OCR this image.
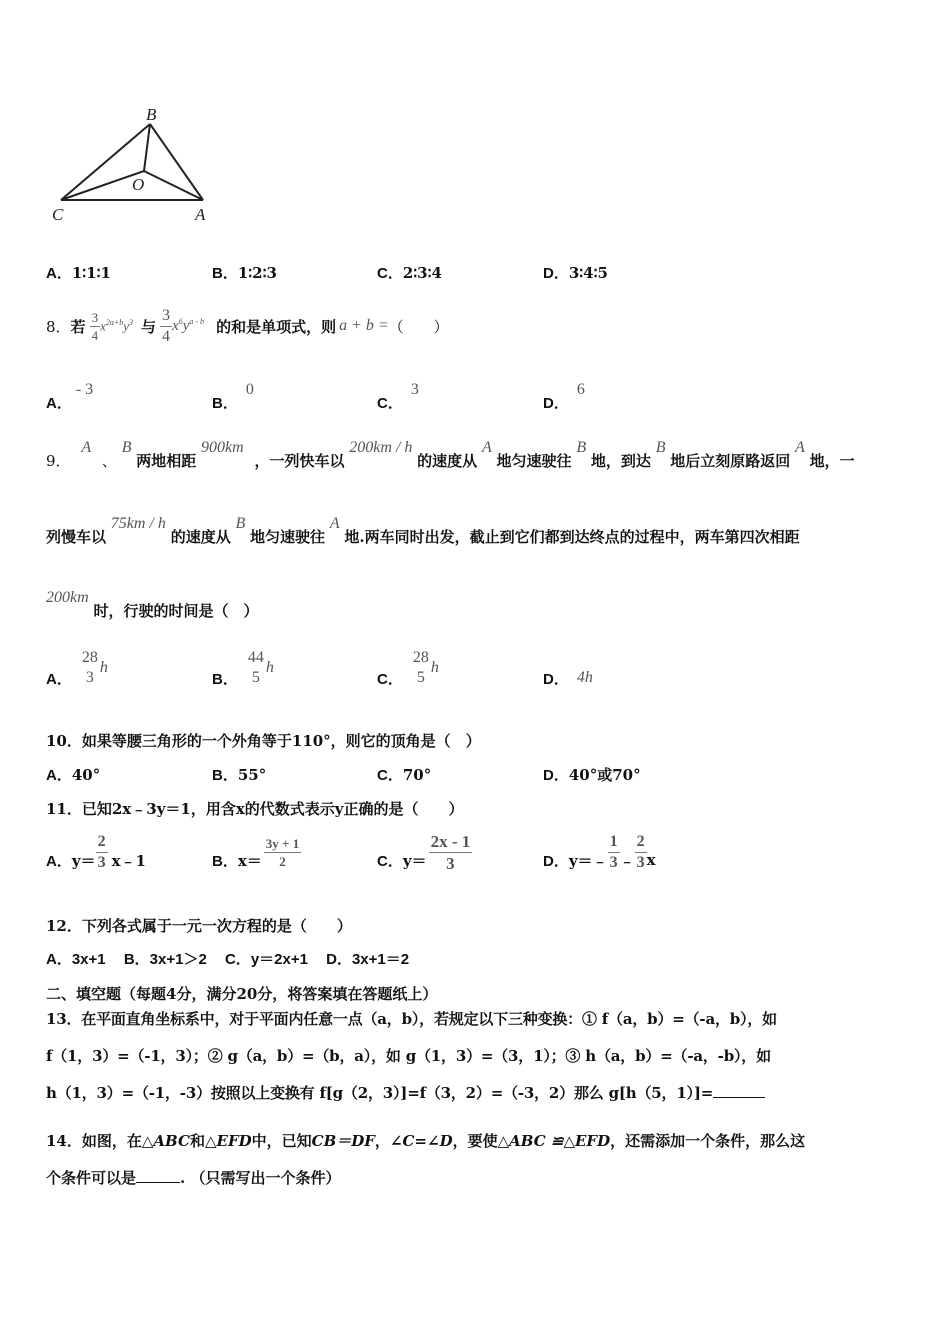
B
O
C	A
A．1∶1∶1	B．1∶2∶3	C．2∶3∶4	D．3∶4∶5
8． 若 $\frac{3}{4} x^{2a+b}y^3$ 与 $\frac{3}{4} x^6y^{a - b}$ 的和是单项式，则 a + b = （　　）
A．- 3
B．0
C．3
D．6
9． A 、 B 两地相距 900km ，一列快车以 200km / h 的速度从 A 地匀速驶往 B 地，到达 B 地后立刻原路返回 A 地，一
列慢车以 75km / h 的速度从 B 地匀速驶往 A 地.两车同时出发，截止到它们都到达终点的过程中，两车第四次相距
200km 时，行驶的时间是（　）
A．
28
3
h
B．
44
5
h
C．
28
5
h
D． 4h
10．如果等腰三角形的一个外角等于110°，则它的顶角是（　）
A．40°	B．55°	C．70°	D．40°或70°
11．已知2x﹣3y＝1，用含x的代数式表示y正确的是（　　）
A． $y= \frac{2}{3}$ x﹣1	B． $x= \frac{3y + 1}{2}$	C． $y= \frac{2x - 1}{3}$	D． y＝﹣ $\frac{1}{3}$ ﹣ $\frac{2}{3}$ x
12．下列各式属于一元一次方程的是（　　）
A．3x+1 B．3x+1＞2 C．y＝2x+1 D．3x+1＝2
二、填空题（每题4分，满分20分，将答案填在答题纸上）
13．在平面直角坐标系中，对于平面内任意一点（a，b），若规定以下三种变换：① f（a，b）=（-a，b），如
f（1，3）=（-1，3）；② g（a，b）=（b，a），如 g（1，3）=（3，1）；③ h（a，b）=（-a，-b），如
h（1，3）=（-1，-3）按照以上变换有 f[g（2，3）]=f（3，2）=（-3，2）那么 g[h（5，1）]=
14．如图，在△ABC和△EFD中，已知CB＝DF，∠C=∠D，要使△ABC ≌△EFD，还需添加一个条件，那么这
个条件可以是	. （只需写出一个条件）
